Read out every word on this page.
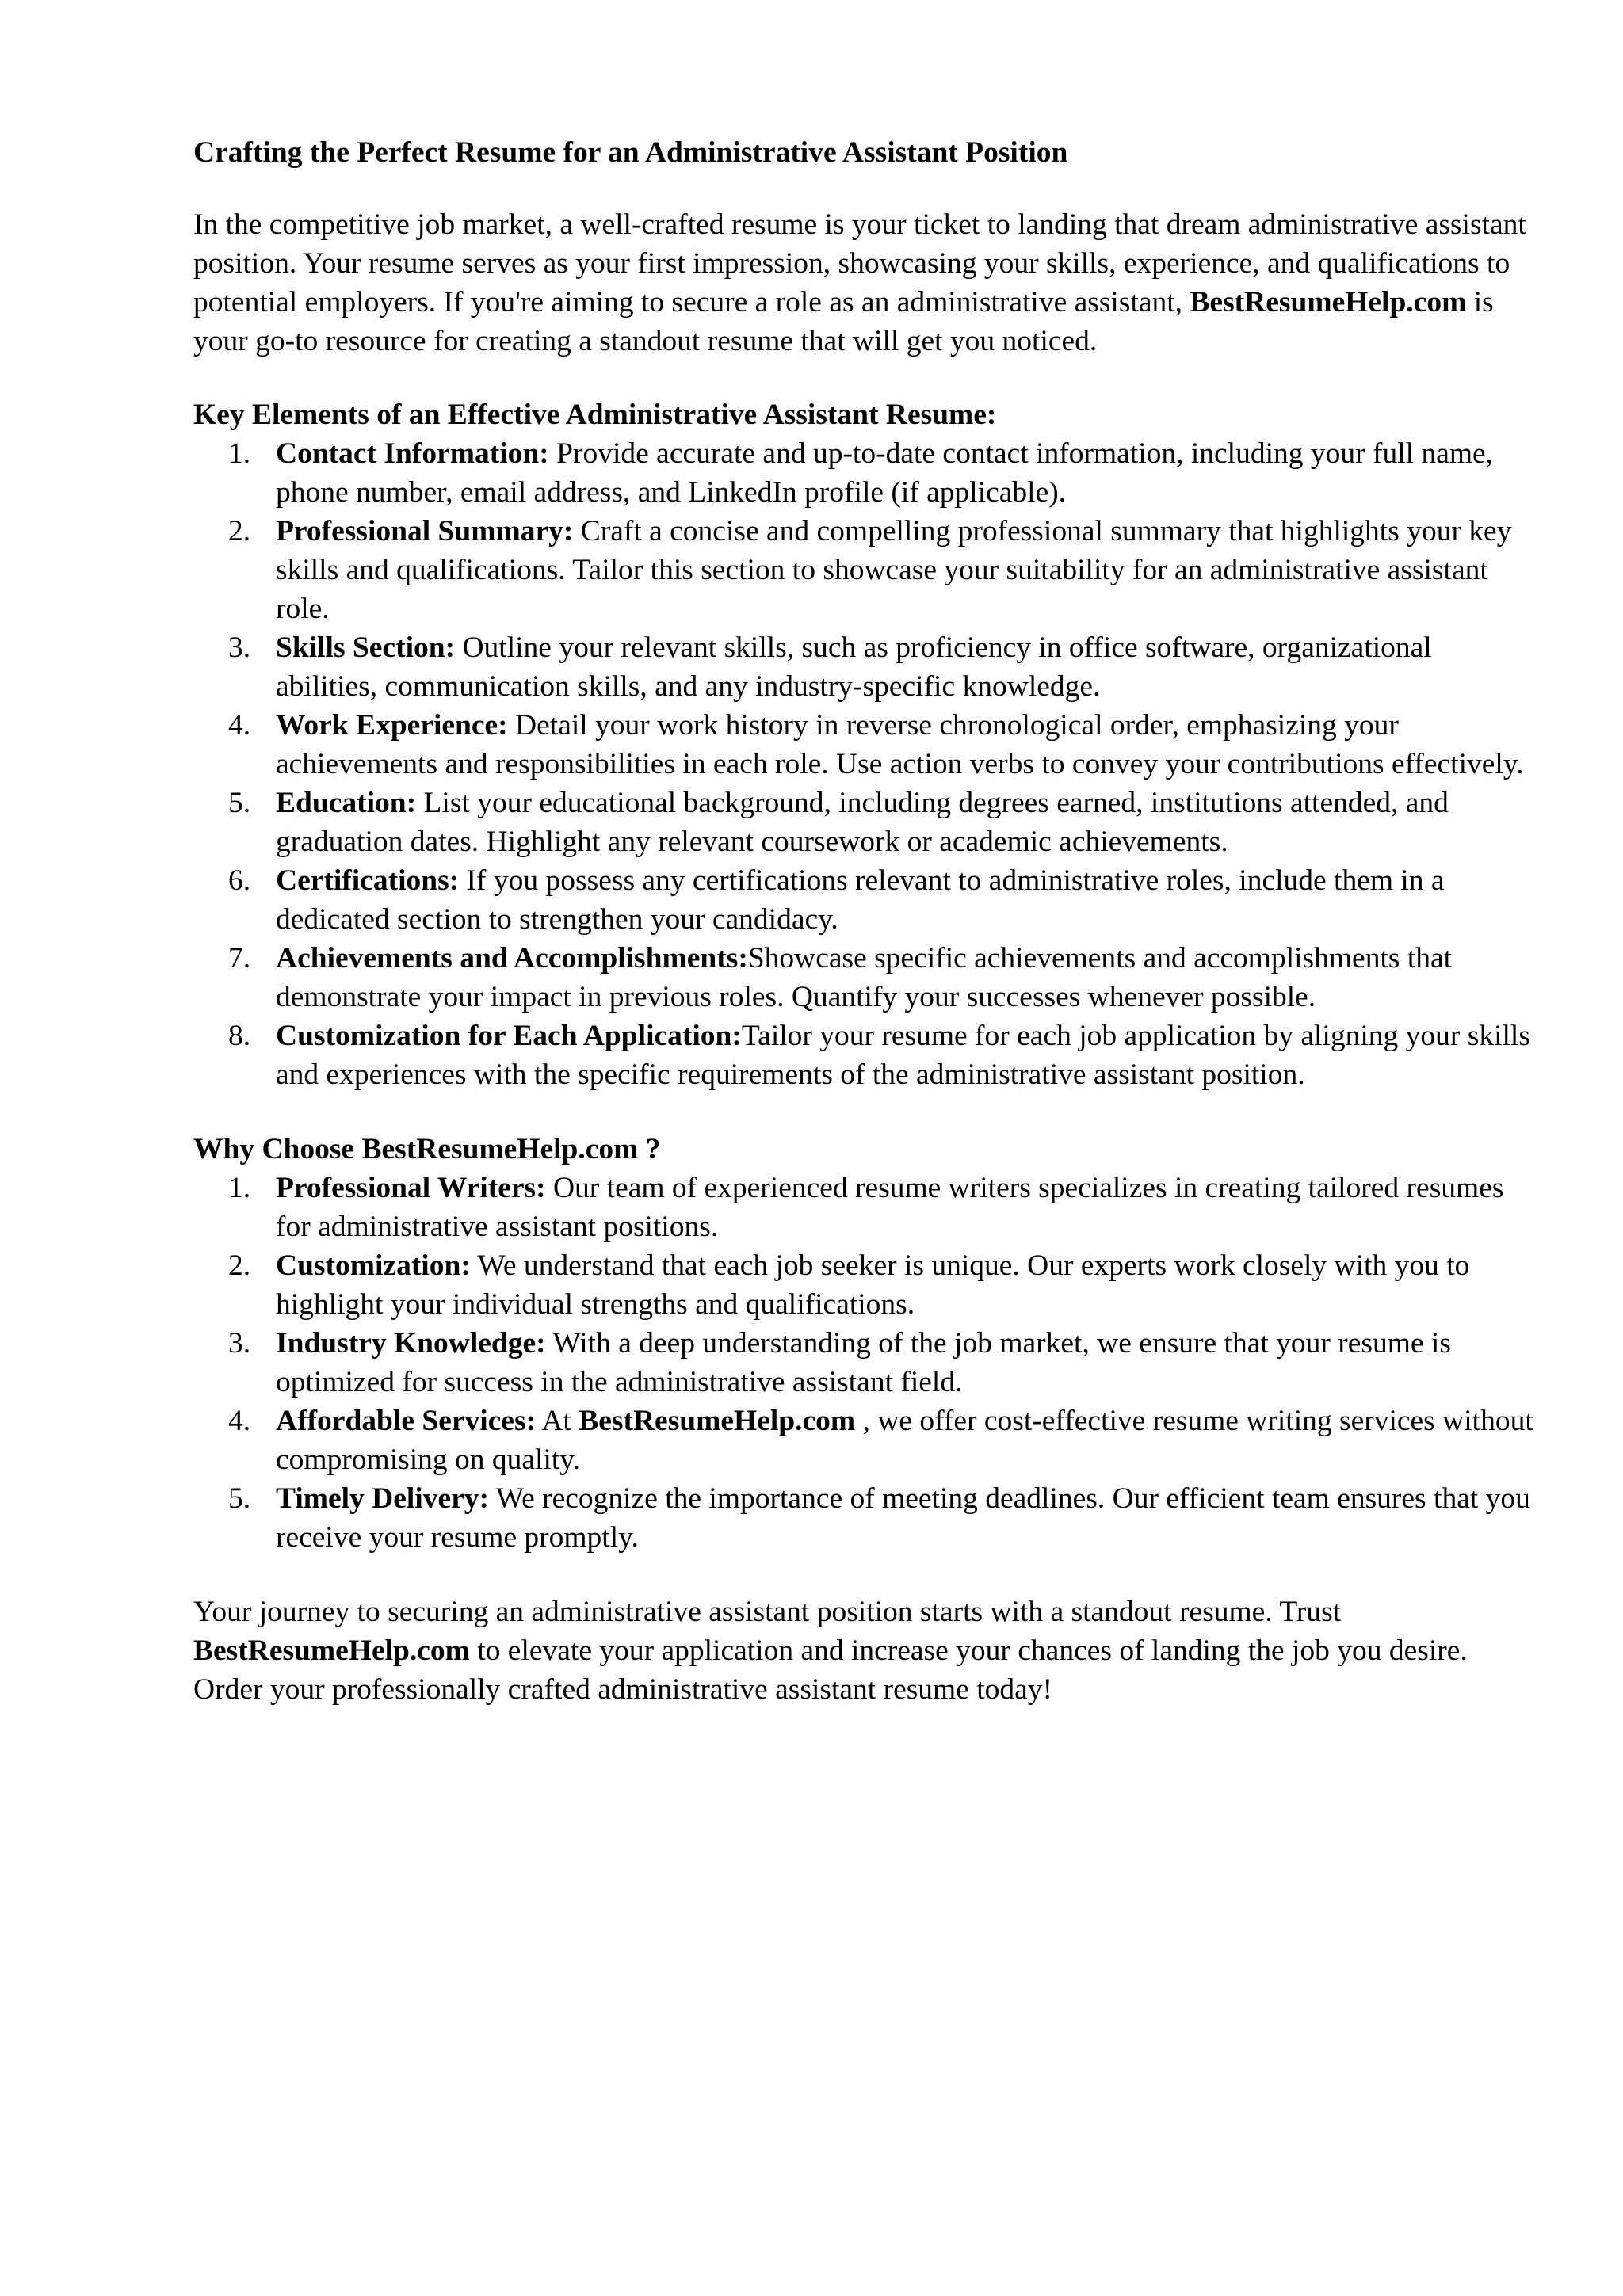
Crafting the Perfect Resume for an Administrative Assistant Position

In the competitive job market, a well-crafted resume is your ticket to landing that dream administrative assistant position. Your resume serves as your first impression, showcasing your skills, experience, and qualifications to potential employers. If you're aiming to secure a role as an administrative assistant, BestResumeHelp.com is your go-to resource for creating a standout resume that will get you noticed.

Key Elements of an Effective Administrative Assistant Resume:
1. Contact Information: Provide accurate and up-to-date contact information, including your full name, phone number, email address, and LinkedIn profile (if applicable).
2. Professional Summary: Craft a concise and compelling professional summary that highlights your key skills and qualifications. Tailor this section to showcase your suitability for an administrative assistant role.
3. Skills Section: Outline your relevant skills, such as proficiency in office software, organizational abilities, communication skills, and any industry-specific knowledge.
4. Work Experience: Detail your work history in reverse chronological order, emphasizing your achievements and responsibilities in each role. Use action verbs to convey your contributions effectively.
5. Education: List your educational background, including degrees earned, institutions attended, and graduation dates. Highlight any relevant coursework or academic achievements.
6. Certifications: If you possess any certifications relevant to administrative roles, include them in a dedicated section to strengthen your candidacy.
7. Achievements and Accomplishments:Showcase specific achievements and accomplishments that demonstrate your impact in previous roles. Quantify your successes whenever possible.
8. Customization for Each Application:Tailor your resume for each job application by aligning your skills and experiences with the specific requirements of the administrative assistant position.
Why Choose BestResumeHelp.com ?
1. Professional Writers: Our team of experienced resume writers specializes in creating tailored resumes for administrative assistant positions.
2. Customization: We understand that each job seeker is unique. Our experts work closely with you to highlight your individual strengths and qualifications.
3. Industry Knowledge: With a deep understanding of the job market, we ensure that your resume is optimized for success in the administrative assistant field.
4. Affordable Services: At BestResumeHelp.com , we offer cost-effective resume writing services without compromising on quality.
5. Timely Delivery: We recognize the importance of meeting deadlines. Our efficient team ensures that you receive your resume promptly.

Your journey to securing an administrative assistant position starts with a standout resume. Trust BestResumeHelp.com to elevate your application and increase your chances of landing the job you desire. Order your professionally crafted administrative assistant resume today!
